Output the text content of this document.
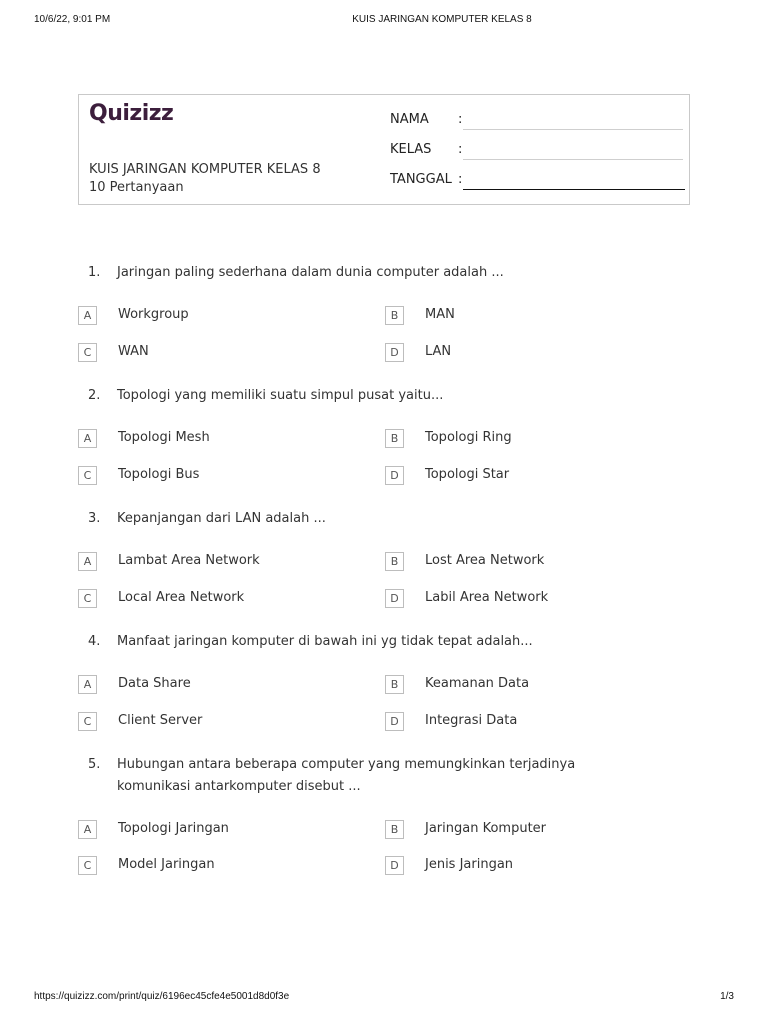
10/6/22, 9:01 PM	KUIS JARINGAN KOMPUTER KELAS 8
Quizizz
KUIS JARINGAN KOMPUTER KELAS 8
10 Pertanyaan
NAMA :
KELAS :
TANGGAL :
1. Jaringan paling sederhana dalam dunia computer adalah ...
A	Workgroup	B	MAN
C	WAN	D	LAN
2. Topologi yang memiliki suatu simpul pusat yaitu...
A	Topologi Mesh	B	Topologi Ring
C	Topologi Bus	D	Topologi Star
3. Kepanjangan dari LAN adalah ...
A	Lambat Area Network	B	Lost Area Network
C	Local Area Network	D	Labil Area Network
4. Manfaat jaringan komputer di bawah ini yg tidak tepat adalah...
A	Data Share	B	Keamanan Data
C	Client Server	D	Integrasi Data
5. Hubungan antara beberapa computer yang memungkinkan terjadinya komunikasi antarkomputer disebut ...
A	Topologi Jaringan	B	Jaringan Komputer
C	Model Jaringan	D	Jenis Jaringan
https://quizizz.com/print/quiz/6196ec45cfe4e5001d8d0f3e	1/3
